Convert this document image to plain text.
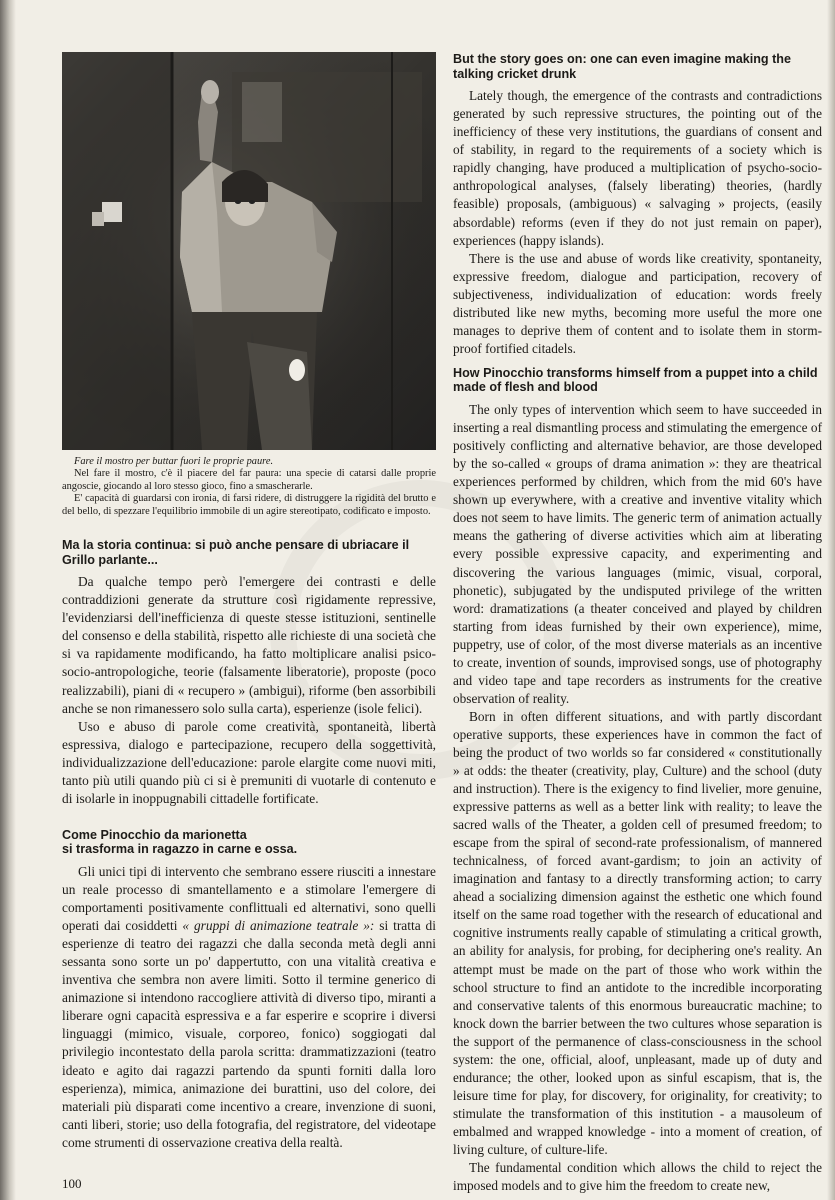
Fare il mostro per buttar fuori le proprie paure.

Nel fare il mostro, c'è il piacere del far paura: una specie di catarsi dalle proprie angoscie, giocando al loro stesso gioco, fino a smascherarle.

E' capacità di guardarsi con ironia, di farsi ridere, di distruggere la rigidità del brutto e del bello, di spezzare l'equilibrio immobile di un agire stereotipato, codificato e imposto.

Ma la storia continua: si può anche pensare di ubriacare il Grillo parlante...

Da qualche tempo però l'emergere dei contrasti e delle contraddizioni generate da strutture così rigidamente repressive, l'evidenziarsi dell'inefficienza di queste stesse istituzioni, sentinelle del consenso e della stabilità, rispetto alle richieste di una società che si va rapidamente modificando, ha fatto moltiplicare analisi psico-socio-antropologiche, teorie (falsamente liberatorie), proposte (poco realizzabili), piani di « recupero » (ambigui), riforme (ben assorbibili anche se non rimanessero solo sulla carta), esperienze (isole felici).

Uso e abuso di parole come creatività, spontaneità, libertà espressiva, dialogo e partecipazione, recupero della soggettività, individualizzazione dell'educazione: parole elargite come nuovi miti, tanto più utili quando più ci si è premuniti di vuotarle di contenuto e di isolarle in inoppugnabili cittadelle fortificate.

Come Pinocchio da marionetta
si trasforma in ragazzo in carne e ossa.

Gli unici tipi di intervento che sembrano essere riusciti a innestare un reale processo di smantellamento e a stimolare l'emergere di comportamenti positivamente conflittuali ed alternativi, sono quelli operati dai cosiddetti « gruppi di animazione teatrale »: si tratta di esperienze di teatro dei ragazzi che dalla seconda metà degli anni sessanta sono sorte un po' dappertutto, con una vitalità creativa e inventiva che sembra non avere limiti. Sotto il termine generico di animazione si intendono raccogliere attività di diverso tipo, miranti a liberare ogni capacità espressiva e a far esperire e scoprire i diversi linguaggi (mimico, visuale, corporeo, fonico) soggiogati dal privilegio incontestato della parola scritta: drammatizzazioni (teatro ideato e agito dai ragazzi partendo da spunti forniti dalla loro esperienza), mimica, animazione dei burattini, uso del colore, dei materiali più disparati come incentivo a creare, invenzione di suoni, canti liberi, storie; uso della fotografia, del registratore, del videotape come strumenti di osservazione creativa della realtà.

But the story goes on: one can even imagine making the talking cricket drunk

Lately though, the emergence of the contrasts and contradictions generated by such repressive structures, the pointing out of the inefficiency of these very institutions, the guardians of consent and of stability, in regard to the requirements of a society which is rapidly changing, have produced a multiplication of psycho-socio-anthropological analyses, (falsely liberating) theories, (hardly feasible) proposals, (ambiguous) « salvaging » projects, (easily absordable) reforms (even if they do not just remain on paper), experiences (happy islands).

There is the use and abuse of words like creativity, spontaneity, expressive freedom, dialogue and participation, recovery of subjectiveness, individualization of education: words freely distributed like new myths, becoming more useful the more one manages to deprive them of content and to isolate them in storm-proof fortified citadels.

How Pinocchio transforms himself from a puppet into a child made of flesh and blood

The only types of intervention which seem to have succeeded in inserting a real dismantling process and stimulating the emergence of positively conflicting and alternative behavior, are those developed by the so-called « groups of drama animation »: they are theatrical experiences performed by children, which from the mid 60's have shown up everywhere, with a creative and inventive vitality which does not seem to have limits. The generic term of animation actually means the gathering of diverse activities which aim at liberating every possible expressive capacity, and experimenting and discovering the various languages (mimic, visual, corporal, phonetic), subjugated by the undisputed privilege of the written word: dramatizations (a theater conceived and played by children starting from ideas furnished by their own experience), mime, puppetry, use of color, of the most diverse materials as an incentive to create, invention of sounds, improvised songs, use of photography and video tape and tape recorders as instruments for the creative observation of reality.

Born in often different situations, and with partly discordant operative supports, these experiences have in common the fact of being the product of two worlds so far considered « constitutionally » at odds: the theater (creativity, play, Culture) and the school (duty and instruction). There is the exigency to find livelier, more genuine, expressive patterns as well as a better link with reality; to leave the sacred walls of the Theater, a golden cell of presumed freedom; to escape from the spiral of second-rate professionalism, of mannered technicalness, of forced avant-gardism; to join an activity of imagination and fantasy to a directly transforming action; to carry ahead a socializing dimension against the esthetic one which found itself on the same road together with the research of educational and cognitive instruments really capable of stimulating a critical growth, an ability for analysis, for probing, for deciphering one's reality. An attempt must be made on the part of those who work within the school structure to find an antidote to the incredible incorporating and conservative talents of this enormous bureaucratic machine; to knock down the barrier between the two cultures whose separation is the support of the permanence of class-consciousness in the school system: the one, official, aloof, unpleasant, made up of duty and endurance; the other, looked upon as sinful escapism, that is, the leisure time for play, for discovery, for originality, for creativity; to stimulate the transformation of this institution - a mausoleum of embalmed and wrapped knowledge - into a moment of creation, of living culture, of culture-life.

The fundamental condition which allows the child to reject the imposed models and to give him the freedom to create new,

100
